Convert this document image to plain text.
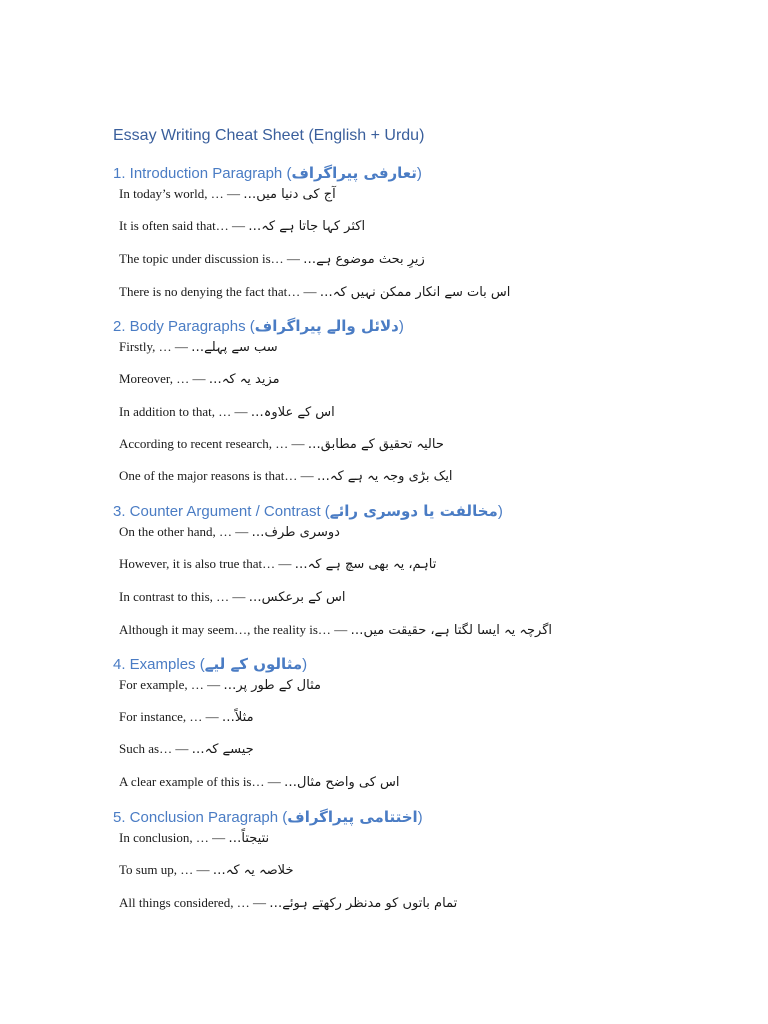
Essay Writing Cheat Sheet (English + Urdu)
1. Introduction Paragraph (تعارفی پیراگراف)

In today’s world, … — آج کی دنیا میں…

It is often said that… — اکثر کہا جاتا ہے کہ…

The topic under discussion is… — زیرِ بحث موضوع ہے…

There is no denying the fact that… — اس بات سے انکار ممکن نہیں کہ…

2. Body Paragraphs (دلائل والے پیراگراف)

Firstly, … — سب سے پہلے…

Moreover, … — مزید یہ کہ…

In addition to that, … — اس کے علاوہ…

According to recent research, … — حالیہ تحقیق کے مطابق…

One of the major reasons is that… — ایک بڑی وجہ یہ ہے کہ…

3. Counter Argument / Contrast (مخالفت یا دوسری رائے)

On the other hand, … — دوسری طرف…

However, it is also true that… — تاہم، یہ بھی سچ ہے کہ…

In contrast to this, … — اس کے برعکس…

Although it may seem…, the reality is… — اگرچہ یہ ایسا لگتا ہے، حقیقت میں…

4. Examples (مثالوں کے لیے)

For example, … — مثال کے طور پر…

For instance, … — مثلاً…

Such as… — جیسے کہ…

A clear example of this is… — اس کی واضح مثال…

5. Conclusion Paragraph (اختتامی پیراگراف)

In conclusion, … — نتیجتاً…

To sum up, … — خلاصہ یہ کہ…

All things considered, … — تمام باتوں کو مدنظر رکھتے ہوئے…
